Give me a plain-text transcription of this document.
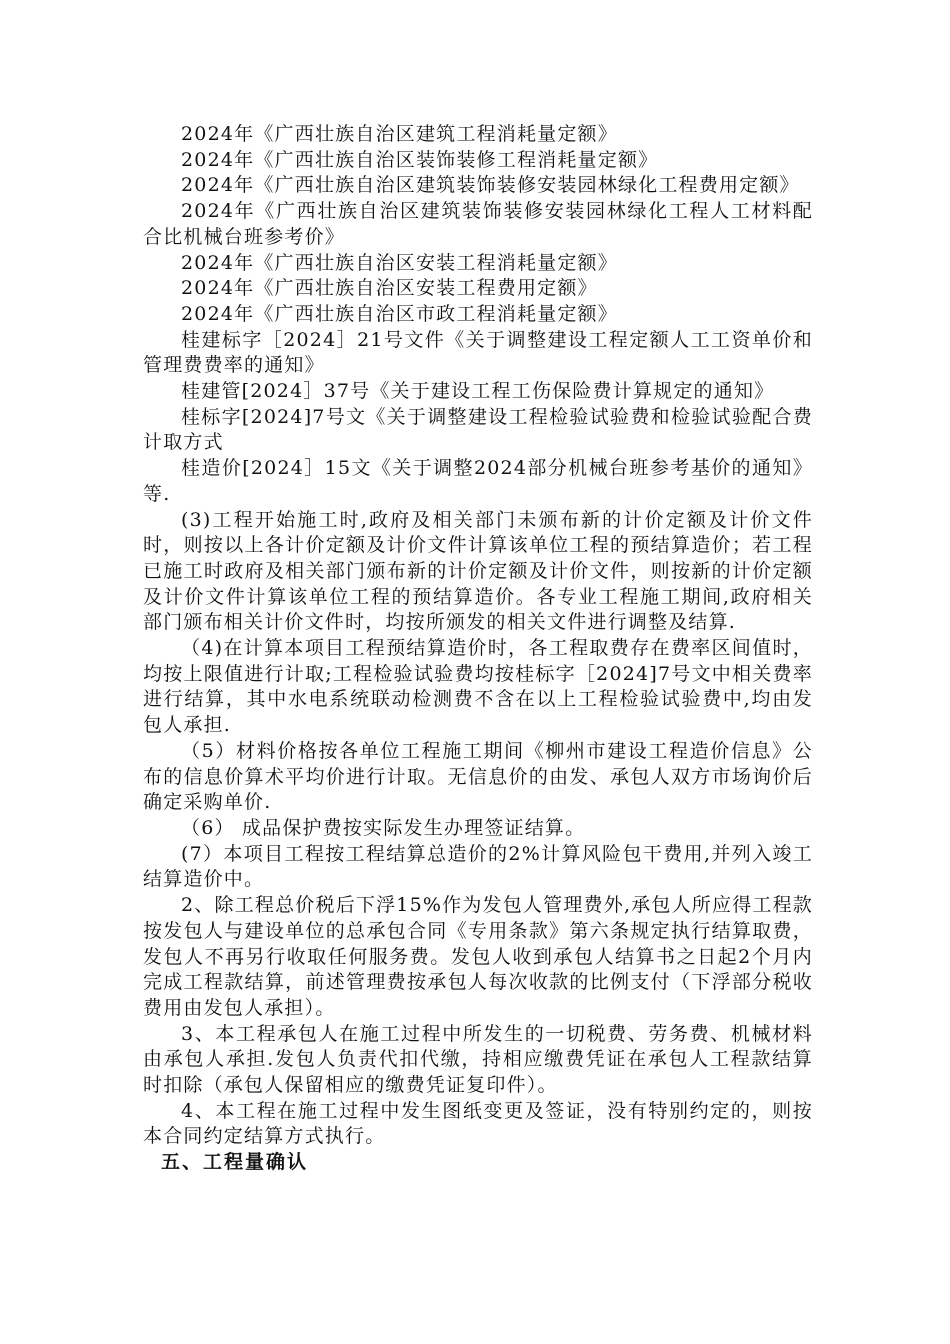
2024年《广西壮族自治区建筑工程消耗量定额》

2024年《广西壮族自治区装饰装修工程消耗量定额》

2024年《广西壮族自治区建筑装饰装修安装园林绿化工程费用定额》

2024年《广西壮族自治区建筑装饰装修安装园林绿化工程人工材料配合比机械台班参考价》

2024年《广西壮族自治区安装工程消耗量定额》

2024年《广西壮族自治区安装工程费用定额》

2024年《广西壮族自治区市政工程消耗量定额》

桂建标字［2024］21号文件《关于调整建设工程定额人工工资单价和管理费费率的通知》

桂建管[2024］37号《关于建设工程工伤保险费计算规定的通知》

桂标字[2024]7号文《关于调整建设工程检验试验费和检验试验配合费计取方式

桂造价[2024］15文《关于调整2024部分机械台班参考基价的通知》等.

(3)工程开始施工时,政府及相关部门未颁布新的计价定额及计价文件时，则按以上各计价定额及计价文件计算该单位工程的预结算造价；若工程已施工时政府及相关部门颁布新的计价定额及计价文件，则按新的计价定额及计价文件计算该单位工程的预结算造价。各专业工程施工期间,政府相关部门颁布相关计价文件时，均按所颁发的相关文件进行调整及结算.

（4)在计算本项目工程预结算造价时，各工程取费存在费率区间值时，均按上限值进行计取;工程检验试验费均按桂标字［2024]7号文中相关费率进行结算，其中水电系统联动检测费不含在以上工程检验试验费中,均由发包人承担.

（5）材料价格按各单位工程施工期间《柳州市建设工程造价信息》公布的信息价算术平均价进行计取。无信息价的由发、承包人双方市场询价后确定采购单价.

（6） 成品保护费按实际发生办理签证结算。

(7）本项目工程按工程结算总造价的2%计算风险包干费用,并列入竣工结算造价中。

2、除工程总价税后下浮15%作为发包人管理费外,承包人所应得工程款按发包人与建设单位的总承包合同《专用条款》第六条规定执行结算取费，发包人不再另行收取任何服务费。发包人收到承包人结算书之日起2个月内完成工程款结算，前述管理费按承包人每次收款的比例支付（下浮部分税收费用由发包人承担）。

3、本工程承包人在施工过程中所发生的一切税费、劳务费、机械材料由承包人承担.发包人负责代扣代缴，持相应缴费凭证在承包人工程款结算时扣除（承包人保留相应的缴费凭证复印件）。

4、本工程在施工过程中发生图纸变更及签证，没有特别约定的，则按本合同约定结算方式执行。

五、工程量确认
